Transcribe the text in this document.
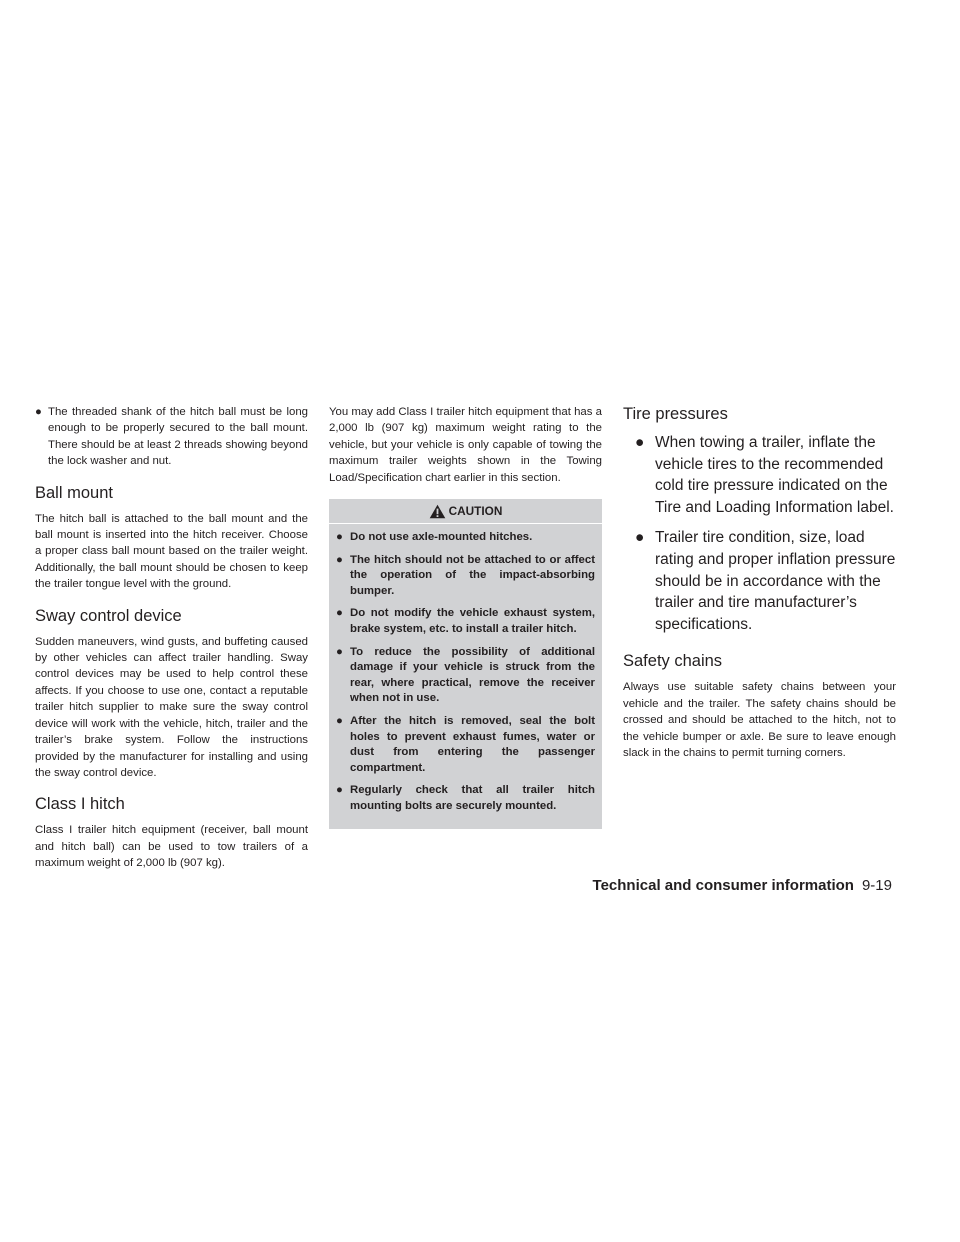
● The threaded shank of the hitch ball must be long enough to be properly secured to the ball mount. There should be at least 2 threads showing beyond the lock washer and nut.
Ball mount

The hitch ball is attached to the ball mount and the ball mount is inserted into the hitch receiver. Choose a proper class ball mount based on the trailer weight. Additionally, the ball mount should be chosen to keep the trailer tongue level with the ground.

Sway control device

Sudden maneuvers, wind gusts, and buffeting caused by other vehicles can affect trailer handling. Sway control devices may be used to help control these affects. If you choose to use one, contact a reputable trailer hitch supplier to make sure the sway control device will work with the vehicle, hitch, trailer and the trailer’s brake system. Follow the instructions provided by the manufacturer for installing and using the sway control device.

Class I hitch

Class I trailer hitch equipment (receiver, ball mount and hitch ball) can be used to tow trailers of a maximum weight of 2,000 lb (907 kg).

You may add Class I trailer hitch equipment that has a 2,000 lb (907 kg) maximum weight rating to the vehicle, but your vehicle is only capable of towing the maximum trailer weights shown in the Towing Load/Specification chart earlier in this section.

CAUTION
● Do not use axle-mounted hitches.
● The hitch should not be attached to or affect the operation of the impact-absorbing bumper.
● Do not modify the vehicle exhaust system, brake system, etc. to install a trailer hitch.
● To reduce the possibility of additional damage if your vehicle is struck from the rear, where practical, remove the receiver when not in use.
● After the hitch is removed, seal the bolt holes to prevent exhaust fumes, water or dust from entering the passenger compartment.
● Regularly check that all trailer hitch mounting bolts are securely mounted.
Tire pressures
● When towing a trailer, inflate the vehicle tires to the recommended cold tire pressure indicated on the Tire and Loading Information label.
● Trailer tire condition, size, load rating and proper inflation pressure should be in accordance with the trailer and tire manufacturer’s specifications.
Safety chains

Always use suitable safety chains between your vehicle and the trailer. The safety chains should be crossed and should be attached to the hitch, not to the vehicle bumper or axle. Be sure to leave enough slack in the chains to permit turning corners.

Technical and consumer information 9-19
